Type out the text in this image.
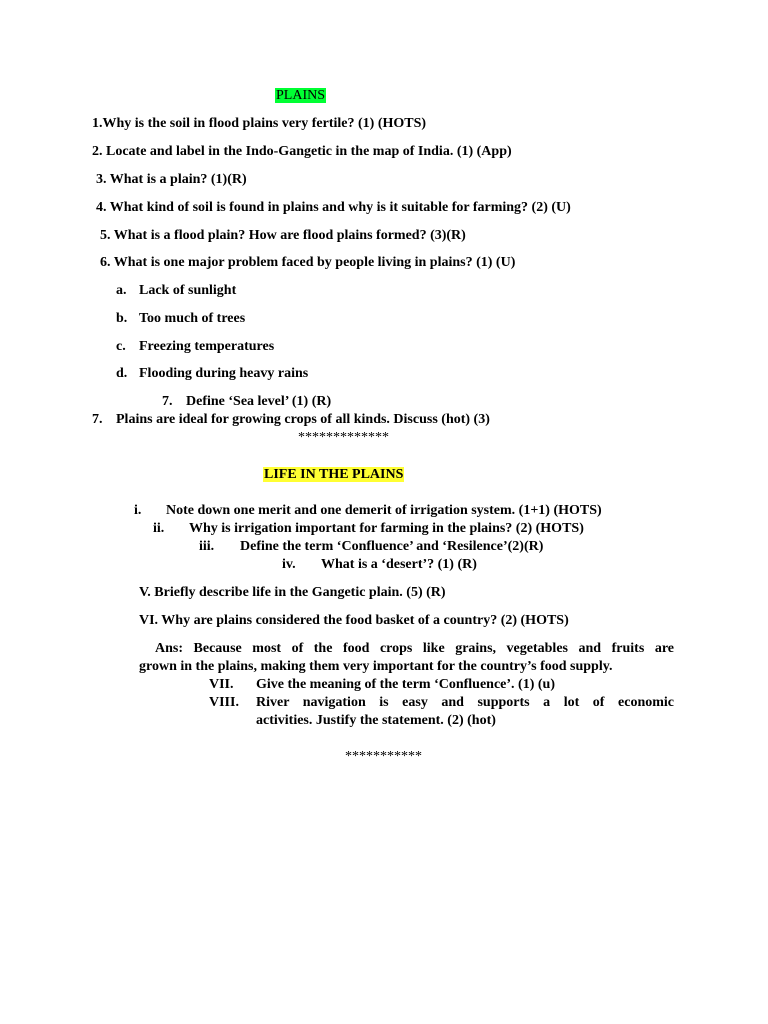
PLAINS
1.Why is the soil in flood plains very fertile? (1) (HOTS)
2. Locate and label in the Indo-Gangetic in the map of India. (1) (App)
3. What is a plain? (1)(R)
4. What kind of soil is found in plains and why is it suitable for farming? (2) (U)
5. What is a flood plain? How are flood plains formed? (3)(R)
6. What is one major problem faced by people living in plains? (1) (U)
a. Lack of sunlight
b. Too much of trees
c. Freezing temperatures
d. Flooding during heavy rains
7. Define ‘Sea level’ (1) (R)
7. Plains are ideal for growing crops of all kinds. Discuss (hot) (3)
*************
LIFE IN THE PLAINS
i. Note down one merit and one demerit of irrigation system. (1+1) (HOTS)
ii. Why is irrigation important for farming in the plains? (2) (HOTS)
iii. Define the term ‘Confluence’ and ‘Resilence’(2)(R)
iv. What is a ‘desert’? (1) (R)
V. Briefly describe life in the Gangetic plain. (5) (R)
VI. Why are plains considered the food basket of a country? (2) (HOTS)
Ans: Because most of the food crops like grains, vegetables and fruits are
grown in the plains, making them very important for the country’s food supply.
VII. Give the meaning of the term ‘Confluence’. (1) (u)
VIII. River navigation is easy and supports a lot of economic
activities. Justify the statement. (2) (hot)
***********
